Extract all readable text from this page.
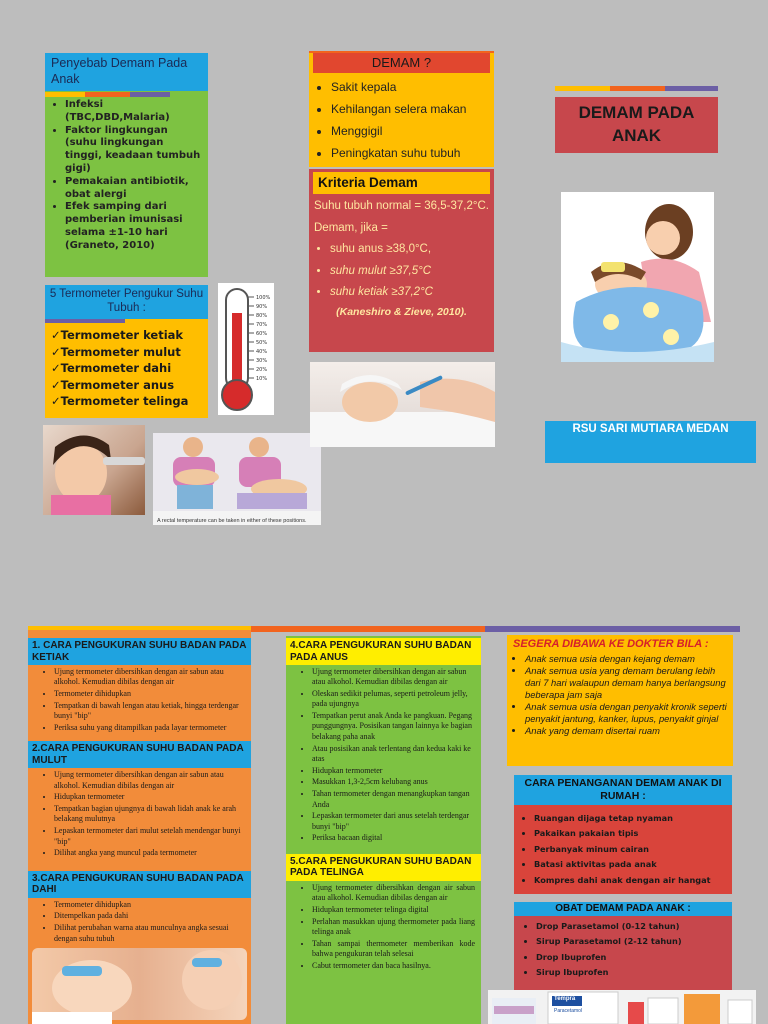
Penyebab Demam Pada Anak
• Infeksi (TBC,DBD,Malaria)
• Faktor lingkungan (suhu lingkungan tinggi, keadaan tumbuh gigi)
• Pemakaian antibiotik, obat alergi
• Efek samping dari pemberian imunisasi selama ±1-10 hari (Graneto, 2010)
5 Termometer Pengukur Suhu Tubuh :
✓Termometer ketiak
✓Termometer mulut
✓Termometer dahi
✓Termometer anus
✓Termometer telinga
100%
90%
80%
70%
60%
50%
40%
30%
20%
10%
A rectal temperature can be taken in either of these positions.
DEMAM ?
• Sakit kepala
• Kehilangan selera makan
• Menggigil
• Peningkatan suhu tubuh
Kriteria Demam
Suhu tubuh normal = 36,5-37,2°C.
Demam, jika =
• suhu anus ≥38,0°C,
• suhu mulut ≥37,5°C
• suhu ketiak ≥37,2°C
(Kaneshiro & Zieve, 2010).
DEMAM PADA ANAK
RSU SARI MUTIARA MEDAN
1. CARA PENGUKURAN SUHU BADAN PADA KETIAK
• Ujung termometer dibersihkan dengan air sabun atau alkohol. Kemudian dibilas dengan air
• Termometer dihidupkan
• Tempatkan di bawah lengan atau ketiak, hingga terdengar bunyi "bip"
• Periksa suhu yang ditampilkan pada layar termometer
2.CARA PENGUKURAN SUHU BADAN PADA MULUT
• Ujung termometer dibersihkan dengan air sabun atau alkohol. Kemudian dibilas dengan air
• Hidupkan termometer
• Tempatkan bagian ujungnya di bawah lidah anak ke arah belakang mulutnya
• Lepaskan termometer dari mulut setelah mendengar bunyi "bip"
• Dilihat angka yang muncul pada termometer
3.CARA PENGUKURAN SUHU BADAN PADA DAHI
• Termometer dihidupkan
• Ditempelkan pada dahi
• Dilihat perubahan warna atau munculnya angka sesuai dengan suhu tubuh
4.CARA PENGUKURAN SUHU BADAN PADA ANUS
• Ujung termometer dibersihkan dengan air sabun atau alkohol. Kemudian dibilas dengan air
• Oleskan sedikit pelumas, seperti petroleum jelly, pada ujungnya
• Tempatkan perut anak Anda ke pangkuan. Pegang punggungnya. Posisikan tangan lainnya ke bagian belakang paha anak
• Atau posisikan anak terlentang dan kedua kaki ke atas
• Hidupkan termometer
• Masukkan 1,3-2,5cm kelubang anus
• Tahan termometer dengan menangkupkan tangan Anda
• Lepaskan termometer dari anus setelah terdengar bunyi "bip"
• Periksa bacaan digital
5.CARA PENGUKURAN SUHU BADAN PADA TELINGA
• Ujung termometer dibersihkan dengan air sabun atau alkohol. Kemudian dibilas dengan air
• Hidupkan termometer telinga digital
• Perlahan masukkan ujung thermometer pada liang telinga anak
• Tahan sampai thermometer memberikan kode bahwa pengukuran telah selesai
• Cabut termometer dan baca hasilnya.
SEGERA DIBAWA KE DOKTER BILA :
• Anak semua usia dengan kejang demam
• Anak semua usia yang demam berulang lebih dari 7 hari walaupun demam hanya berlangsung beberapa jam saja
• Anak semua usia dengan penyakit kronik seperti penyakit jantung, kanker, lupus, penyakit ginjal
• Anak yang demam disertai ruam
CARA PENANGANAN DEMAM ANAK DI RUMAH :
• Ruangan dijaga tetap nyaman
• Pakaikan pakaian tipis
• Perbanyak minum cairan
• Batasi aktivitas pada anak
• Kompres dahi anak dengan air hangat
OBAT DEMAM PADA ANAK :
• Drop Parasetamol (0-12 tahun)
• Sirup Parasetamol (2-12 tahun)
• Drop Ibuprofen
• Sirup Ibuprofen
Tempra
Paracetamol
